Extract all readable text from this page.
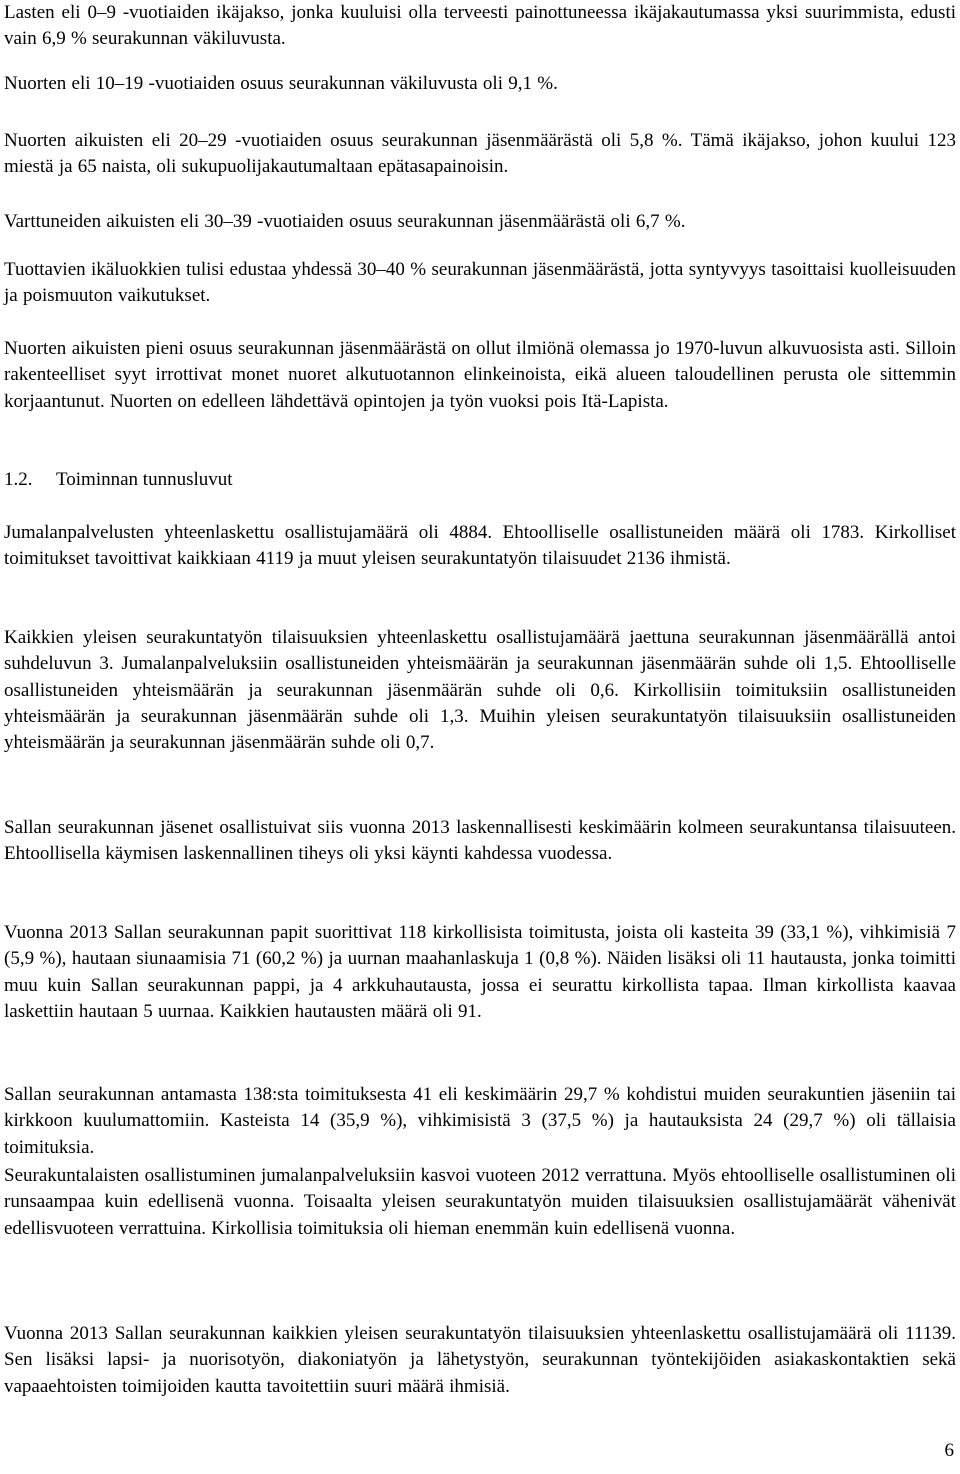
Lasten eli 0–9 -vuotiaiden ikäjakso, jonka kuuluisi olla terveesti painottuneessa ikäjakautumassa yksi suurimmista, edusti vain 6,9 % seurakunnan väkiluvusta.

Nuorten eli 10–19 -vuotiaiden osuus seurakunnan väkiluvusta oli 9,1 %.

Nuorten aikuisten eli 20–29 -vuotiaiden osuus seurakunnan jäsenmäärästä oli 5,8 %. Tämä ikäjakso, johon kuului 123 miestä ja 65 naista, oli sukupuolijakautumaltaan epätasapainoisin.

Varttuneiden aikuisten eli 30–39 -vuotiaiden osuus seurakunnan jäsenmäärästä oli 6,7 %.

Tuottavien ikäluokkien tulisi edustaa yhdessä 30–40 % seurakunnan jäsenmäärästä, jotta syntyvyys tasoittaisi kuolleisuuden ja poismuuton vaikutukset.

Nuorten aikuisten pieni osuus seurakunnan jäsenmäärästä on ollut ilmiönä olemassa jo 1970-luvun alkuvuosista asti. Silloin rakenteelliset syyt irrottivat monet nuoret alkutuotannon elinkeinoista, eikä alueen taloudellinen perusta ole sittemmin korjaantunut. Nuorten on edelleen lähdettävä opintojen ja työn vuoksi pois Itä-Lapista.

1.2. Toiminnan tunnusluvut

Jumalanpalvelusten yhteenlaskettu osallistujamäärä oli 4884. Ehtoolliselle osallistuneiden määrä oli 1783. Kirkolliset toimitukset tavoittivat kaikkiaan 4119 ja muut yleisen seurakuntatyön tilaisuudet 2136 ihmistä.

Kaikkien yleisen seurakuntatyön tilaisuuksien yhteenlaskettu osallistujamäärä jaettuna seurakunnan jäsenmäärällä antoi suhdeluvun 3. Jumalanpalveluksiin osallistuneiden yhteismäärän ja seurakunnan jäsenmäärän suhde oli 1,5. Ehtoolliselle osallistuneiden yhteismäärän ja seurakunnan jäsenmäärän suhde oli 0,6. Kirkollisiin toimituksiin osallistuneiden yhteismäärän ja seurakunnan jäsenmäärän suhde oli 1,3. Muihin yleisen seurakuntatyön tilaisuuksiin osallistuneiden yhteismäärän ja seurakunnan jäsenmäärän suhde oli 0,7.

Sallan seurakunnan jäsenet osallistuivat siis vuonna 2013 laskennallisesti keskimäärin kolmeen seurakuntansa tilaisuuteen. Ehtoollisella käymisen laskennallinen tiheys oli yksi käynti kahdessa vuodessa.

Vuonna 2013 Sallan seurakunnan papit suorittivat 118 kirkollisista toimitusta, joista oli kasteita 39 (33,1 %), vihkimisiä 7 (5,9 %), hautaan siunaamisia 71 (60,2 %) ja uurnan maahanlaskuja 1 (0,8 %). Näiden lisäksi oli 11 hautausta, jonka toimitti muu kuin Sallan seurakunnan pappi, ja 4 arkkuhautausta, jossa ei seurattu kirkollista tapaa. Ilman kirkollista kaavaa laskettiin hautaan 5 uurnaa. Kaikkien hautausten määrä oli 91.

Sallan seurakunnan antamasta 138:sta toimituksesta 41 eli keskimäärin 29,7 % kohdistui muiden seurakuntien jäseniin tai kirkkoon kuulumattomiin. Kasteista 14 (35,9 %), vihkimisistä 3 (37,5 %) ja hautauksista 24 (29,7 %) oli tällaisia toimituksia.

Seurakuntalaisten osallistuminen jumalanpalveluksiin kasvoi vuoteen 2012 verrattuna. Myös ehtoolliselle osallistuminen oli runsaampaa kuin edellisenä vuonna. Toisaalta yleisen seurakuntatyön muiden tilaisuuksien osallistujamäärät vähenivät edellisvuoteen verrattuina. Kirkollisia toimituksia oli hieman enemmän kuin edellisenä vuonna.

Vuonna 2013 Sallan seurakunnan kaikkien yleisen seurakuntatyön tilaisuuksien yhteenlaskettu osallistujamäärä oli 11139. Sen lisäksi lapsi- ja nuorisotyön, diakoniatyön ja lähetystyön, seurakunnan työntekijöiden asiakaskontaktien sekä vapaaehtoisten toimijoiden kautta tavoitettiin suuri määrä ihmisiä.

6
